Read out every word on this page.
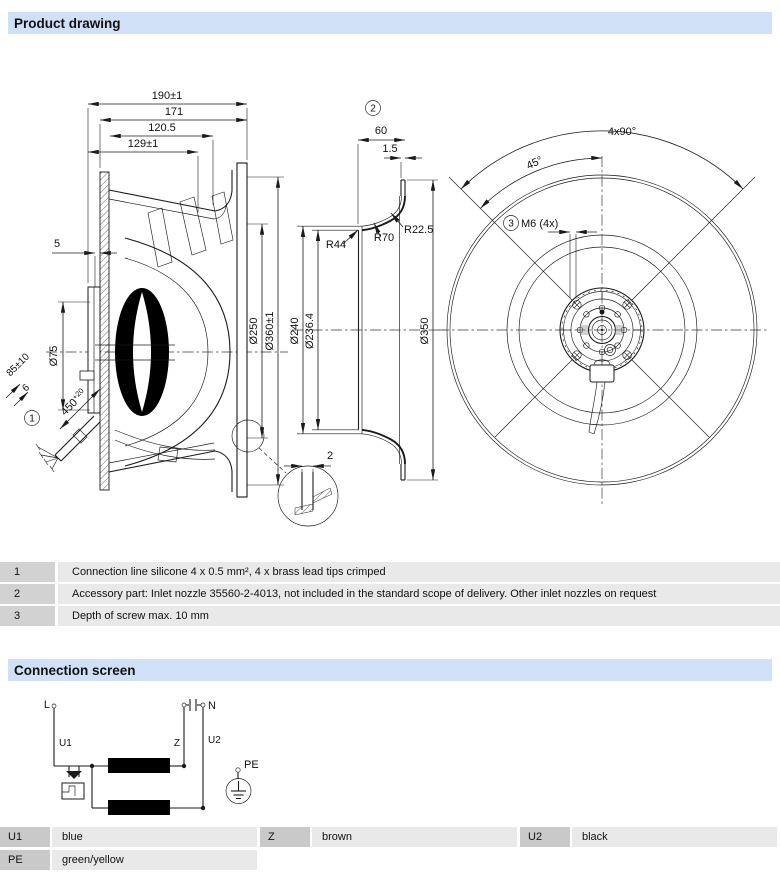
Product drawing
190±1
171
120.5
129±1
5
Ø75
$450^{+20}$
85±10
6
1
2
60
1.5
R44
R70
R22.5
Ø250 Ø360±1 Ø240 Ø236.4	Ø350
2
4x90°
45°
3 M6 (4x)
L
U1
N
Z	U2
PE
1	Connection line silicone 4 x 0.5 mm², 4 x brass lead tips crimped
2	Accessory part: Inlet nozzle 35560-2-4013, not included in the standard scope of delivery. Other inlet nozzles on request
3	Depth of screw max. 10 mm
Connection screen
U1	blue	Z	brown	U2	black
PE	green/yellow
